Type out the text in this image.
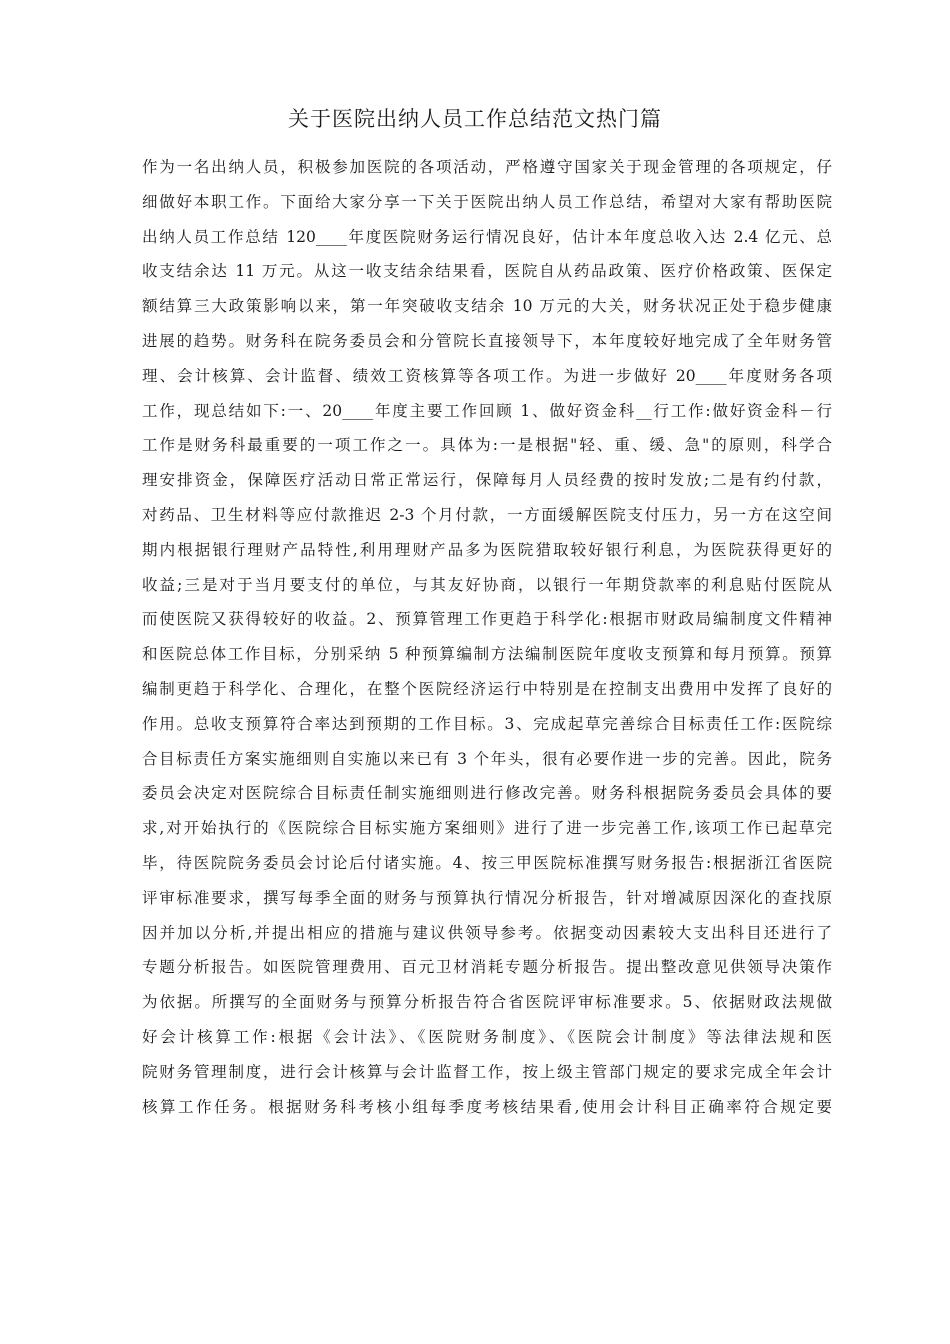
关于医院出纳人员工作总结范文热门篇
作为一名出纳人员，积极参加医院的各项活动，严格遵守国家关于现金管理的各项规定，仔
细做好本职工作。下面给大家分享一下关于医院出纳人员工作总结，希望对大家有帮助医院
出纳人员工作总结 120____年度医院财务运行情况良好，估计本年度总收入达 2.4 亿元、总
收支结余达 11 万元。从这一收支结余结果看，医院自从药品政策、医疗价格政策、医保定
额结算三大政策影响以来，第一年突破收支结余 10 万元的大关，财务状况正处于稳步健康
进展的趋势。财务科在院务委员会和分管院长直接领导下，本年度较好地完成了全年财务管
理、会计核算、会计监督、绩效工资核算等各项工作。为进一步做好 20____年度财务各项
工作，现总结如下:一、20____年度主要工作回顾 1、做好资金科__行工作:做好资金科－行
工作是财务科最重要的一项工作之一。具体为:一是根据"轻、重、缓、急"的原则，科学合
理安排资金，保障医疗活动日常正常运行，保障每月人员经费的按时发放;二是有约付款，
对药品、卫生材料等应付款推迟 2-3 个月付款，一方面缓解医院支付压力，另一方在这空间
期内根据银行理财产品特性,利用理财产品多为医院猎取较好银行利息，为医院获得更好的
收益;三是对于当月要支付的单位，与其友好协商，以银行一年期贷款率的利息贴付医院从
而使医院又获得较好的收益。2、预算管理工作更趋于科学化:根据市财政局编制度文件精神
和医院总体工作目标，分别采纳 5 种预算编制方法编制医院年度收支预算和每月预算。预算
编制更趋于科学化、合理化，在整个医院经济运行中特别是在控制支出费用中发挥了良好的
作用。总收支预算符合率达到预期的工作目标。3、完成起草完善综合目标责任工作:医院综
合目标责任方案实施细则自实施以来已有 3 个年头，很有必要作进一步的完善。因此，院务
委员会决定对医院综合目标责任制实施细则进行修改完善。财务科根据院务委员会具体的要
求,对开始执行的《医院综合目标实施方案细则》进行了进一步完善工作,该项工作已起草完
毕，待医院院务委员会讨论后付诸实施。4、按三甲医院标准撰写财务报告:根据浙江省医院
评审标准要求，撰写每季全面的财务与预算执行情况分析报告，针对增减原因深化的查找原
因并加以分析,并提出相应的措施与建议供领导参考。依据变动因素较大支出科目还进行了
专题分析报告。如医院管理费用、百元卫材消耗专题分析报告。提出整改意见供领导决策作
为依据。所撰写的全面财务与预算分析报告符合省医院评审标准要求。5、依据财政法规做
好会计核算工作:根据《会计法》、《医院财务制度》、《医院会计制度》等法律法规和医
院财务管理制度，进行会计核算与会计监督工作，按上级主管部门规定的要求完成全年会计
核算工作任务。根据财务科考核小组每季度考核结果看,使用会计科目正确率符合规定要
